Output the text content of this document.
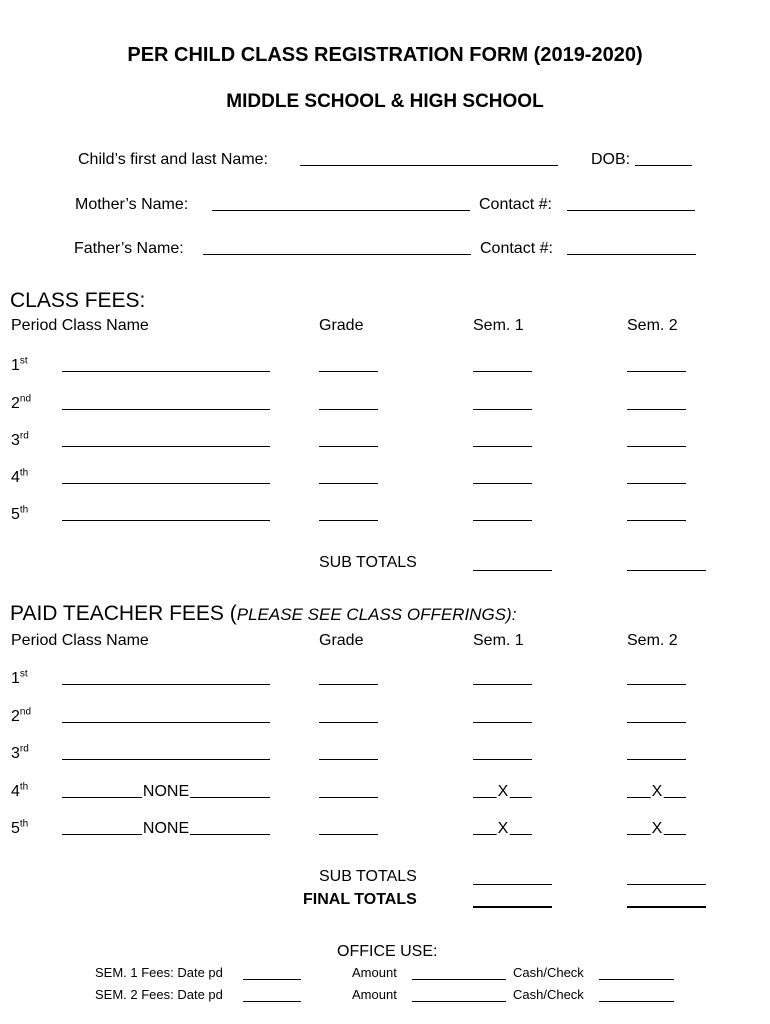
PER CHILD CLASS REGISTRATION FORM (2019-2020)
MIDDLE SCHOOL & HIGH SCHOOL
Child’s first and last Name:	DOB:
Mother’s Name:	Contact #:
Father’s Name:	Contact #:
CLASS FEES:
Period Class Name	Grade	Sem. 1	Sem. 2
1st
2nd
3rd
4th
5th
SUB TOTALS
PAID TEACHER FEES (PLEASE SEE CLASS OFFERINGS):
Period Class Name	Grade	Sem. 1	Sem. 2
1st
2nd
3rd
4th	NONE	X	X
5th	NONE	X	X
SUB TOTALS
FINAL TOTALS
OFFICE USE:
SEM. 1 Fees: Date pd	Amount	Cash/Check
SEM. 2 Fees: Date pd	Amount	Cash/Check
